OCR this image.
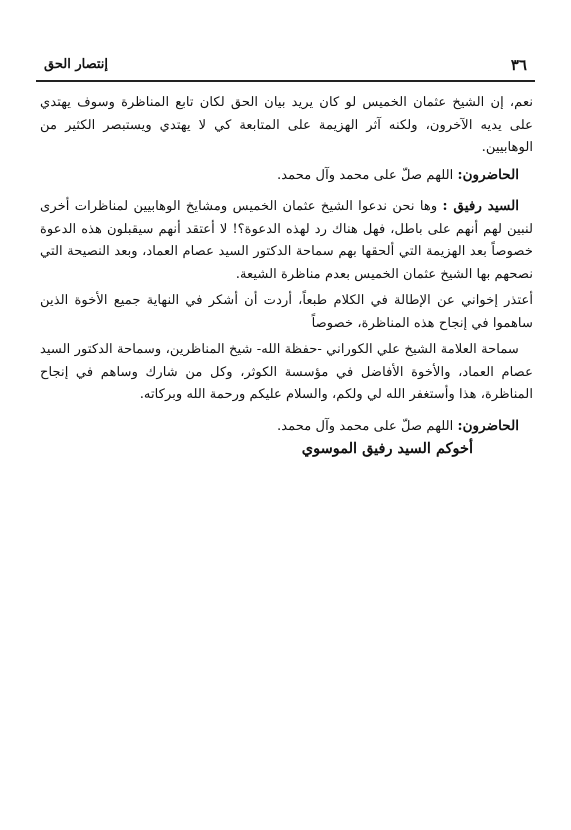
٣٦
إنتصار الحق

نعم، إن الشيخ عثمان الخميس لو كان يريد بيان الحق لكان تابع المناظرة وسوف يهتدي على يديه الآخرون، ولكنه آثر الهزيمة على المتابعة كي لا يهتدي ويستبصر الكثير من الوهابيين.

الحاضرون: اللهم صلّ على محمد وآل محمد.

السيد رفيق : وها نحن ندعوا الشيخ عثمان الخميس ومشايخ الوهابيين لمناظرات أخرى لنبين لهم أنهم على باطل، فهل هناك رد لهذه الدعوة؟! لا أعتقد أنهم سيقبلون هذه الدعوة خصوصاً بعد الهزيمة التي ألحقها بهم سماحة الدكتور السيد عصام العماد، وبعد النصيحة التي نصحهم بها الشيخ عثمان الخميس بعدم مناظرة الشيعة.

أعتذر إخواني عن الإطالة في الكلام طبعاً، أردت أن أشكر في النهاية جميع الأخوة الذين ساهموا في إنجاح هذه المناظرة، خصوصاً

سماحة العلامة الشيخ علي الكوراني -حفظة الله- شيخ المناظرين، وسماحة الدكتور السيد عصام العماد، والأخوة الأفاضل في مؤسسة الكوثر، وكل من شارك وساهم في إنجاح المناظرة، هذا وأستغفر الله لي ولكم، والسلام عليكم ورحمة الله وبركاته.

الحاضرون: اللهم صلّ على محمد وآل محمد.

أخوكم السيد رفيق الموسوي
